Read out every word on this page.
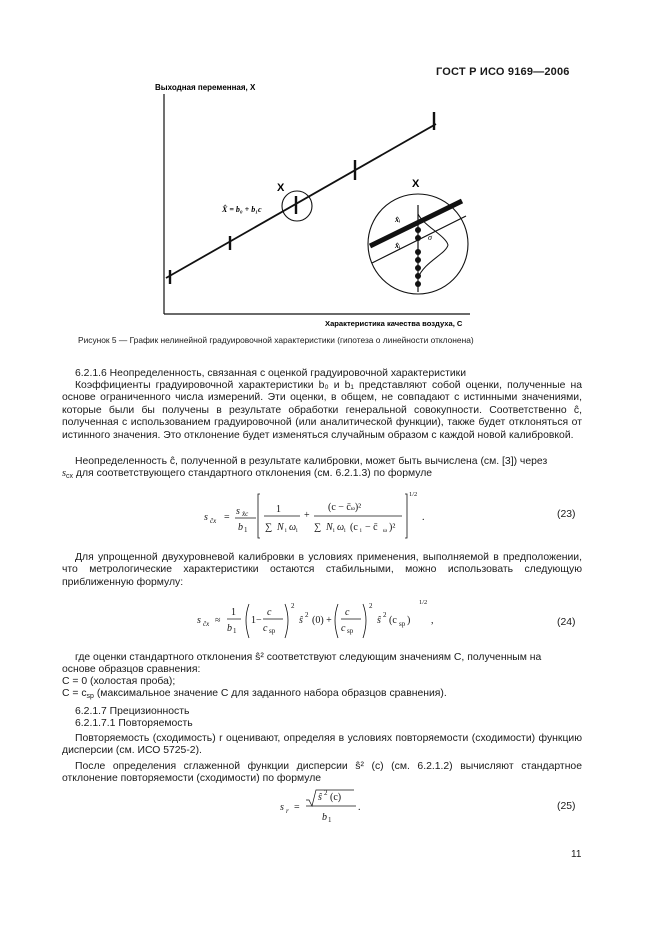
ГОСТ Р ИСО 9169—2006
Выходная переменная, X
Характеристика качества воздуха, C
X
X̂ = b₀ + b₁c
X
x̂ᵢ
x̂ᵢ
σ
Рисунок 5 — График нелинейной градуировочной характеристики (гипотеза о линейности отклонена)
6.2.1.6 Неопределенность, связанная с оценкой градуировочной характеристики
Коэффициенты градуировочной характеристики b₀ и b₁ представляют собой оценки, полученные на основе ограниченного числа измерений. Эти оценки, в общем, не совпадают с истинными значениями, которые были бы получены в результате обработки генеральной совокупности. Соответственно ĉ, полученная с использованием градуировочной (или аналитической функции), также будет отклоняться от истинного значения. Это отклонение будет изменяться случайным образом с каждой новой калибровкой.
Неопределенность ĉ, полученной в результате калибровки, может быть вычислена (см. [3]) через
$s_{cx}$ для соответствующего стандартного отклонения (см. 6.2.1.3) по формуле
s ĉx =
s x̂c
b 1
1
∑ N i ω i
+
(c − c̄ω)²
∑ N i ω i (c i − c̄ ω )²
1/2
.	(23)
Для упрощенной двухуровневой калибровки в условиях применения, выполняемой в предположении, что метрологические характеристики остаются стабильными, можно использовать следующую приближенную формулу:
s ĉx ≈
1
b 1
1−
c
c sp
2
ŝ 2 (0) +
c
c sp
2
ŝ 2 (c sp )
1/2
,	(24)
где оценки стандартного отклонения ŝ² соответствуют следующим значениям C, полученным на
основе образцов сравнения:
C = 0 (холостая проба);
$C = c_{sp}$ (максимальное значение C для заданного набора образцов сравнения).
6.2.1.7 Прецизионность
6.2.1.7.1 Повторяемость
Повторяемость (сходимость) r оценивают, определяя в условиях повторяемости (сходимости) функцию дисперсии (см. ИСО 5725-2).
После определения сглаженной функции дисперсии ŝ² (c) (см. 6.2.1.2) вычисляют стандартное отклонение повторяемости (сходимости) по формуле
s r =
ŝ 2 (c)
b 1
.	(25)
11
